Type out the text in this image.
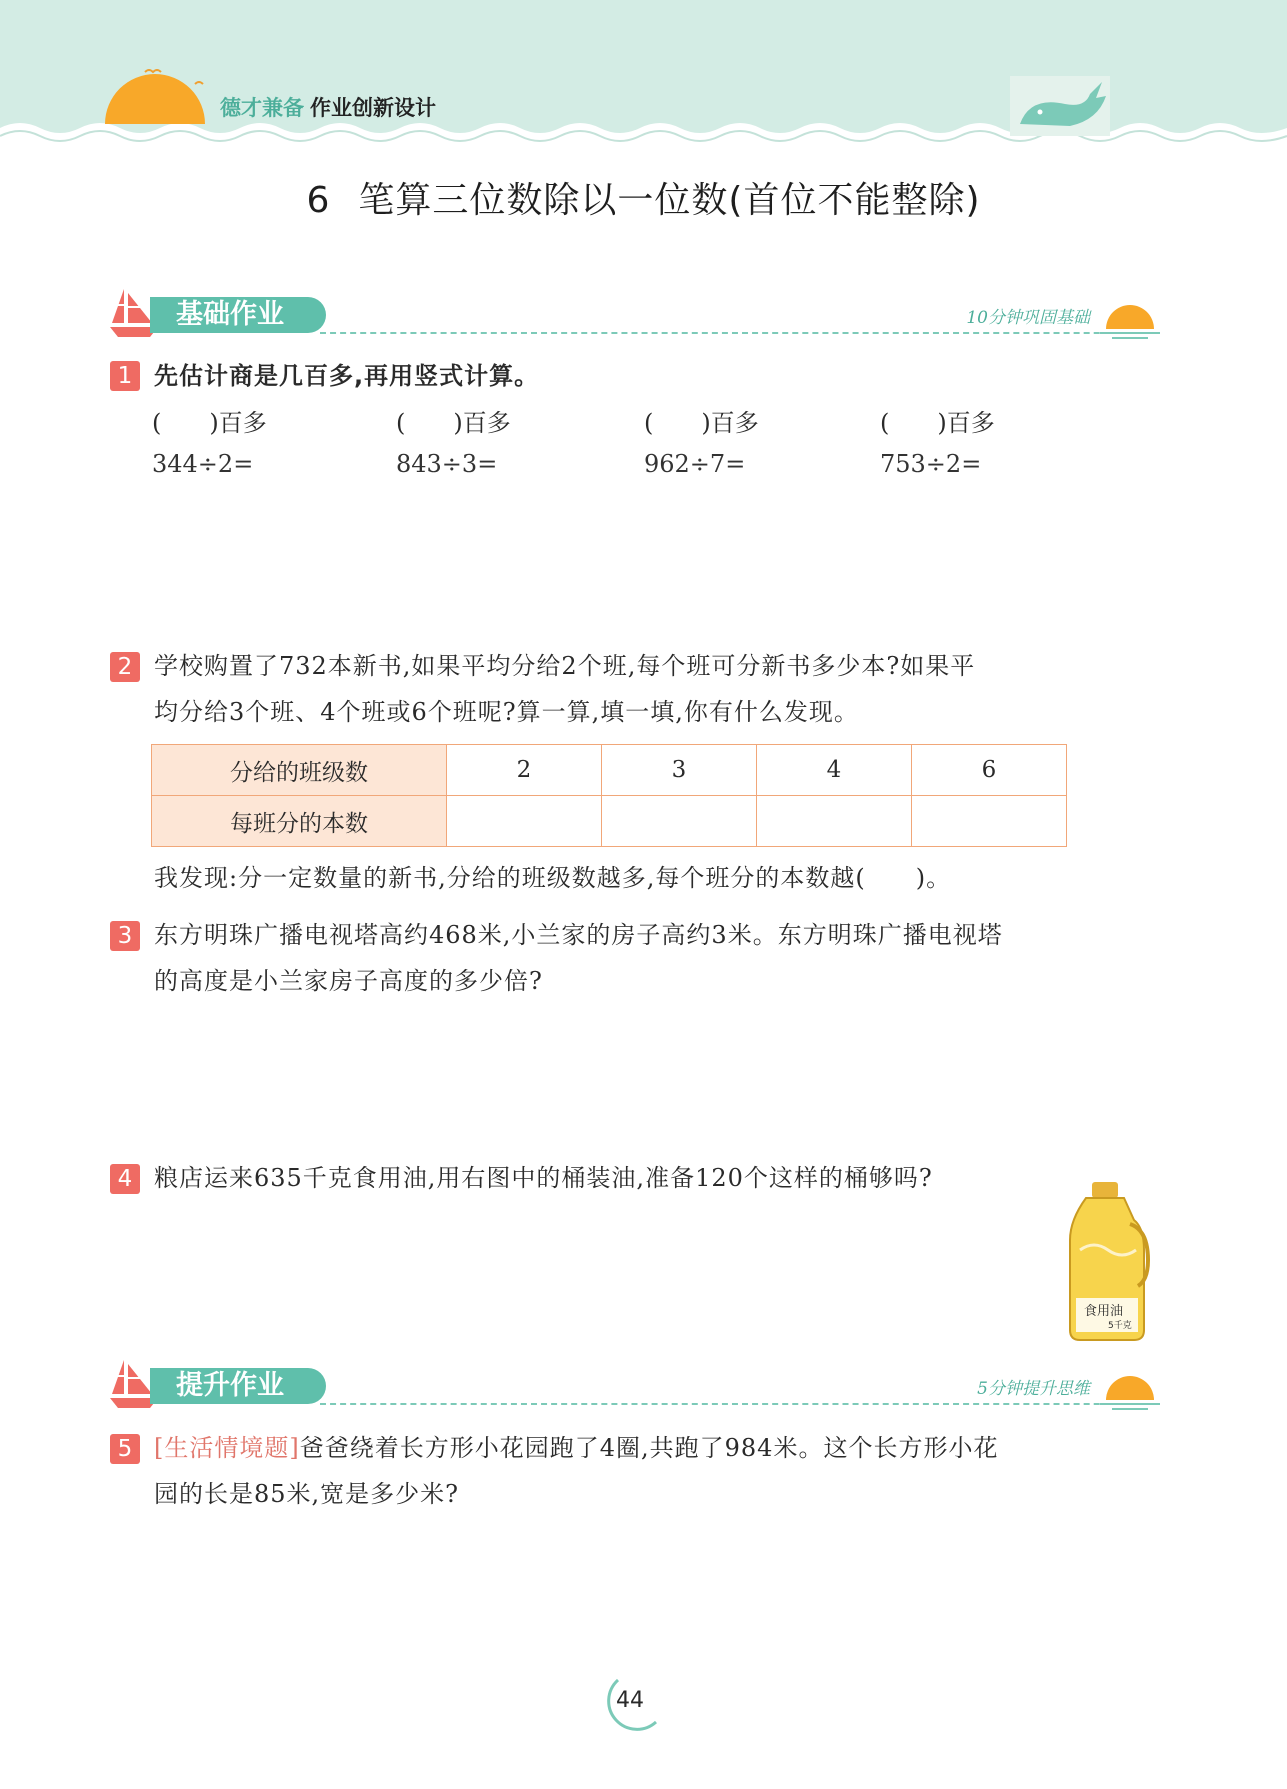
德才兼备 作业创新设计
6 笔算三位数除以一位数(首位不能整除)
基础作业	10分钟巩固基础
1 先估计商是几百多,再用竖式计算。
(　　)百多	(　　)百多	(　　)百多	(　　)百多
344÷2=	843÷3=	962÷7=	753÷2=
2 学校购置了732本新书,如果平均分给2个班,每个班可分新书多少本?如果平
均分给3个班、4个班或6个班呢?算一算,填一填,你有什么发现。
分给的班级数	2	3	4	6
每班分的本数				
我发现:分一定数量的新书,分给的班级数越多,每个班分的本数越(　　)。
3 东方明珠广播电视塔高约468米,小兰家的房子高约3米。东方明珠广播电视塔
的高度是小兰家房子高度的多少倍?
4 粮店运来635千克食用油,用右图中的桶装油,准备120个这样的桶够吗?
食用油
5千克
提升作业	5分钟提升思维
5 [生活情境题]爸爸绕着长方形小花园跑了4圈,共跑了984米。这个长方形小花
园的长是85米,宽是多少米?
44
